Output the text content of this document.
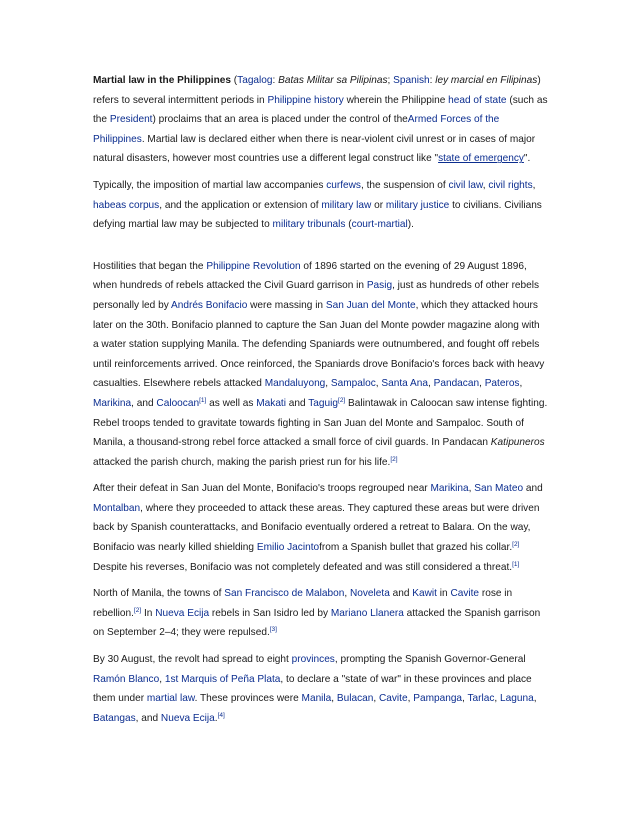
Martial law in the Philippines (Tagalog: Batas Militar sa Pilipinas; Spanish: ley marcial en Filipinas) refers to several intermittent periods in Philippine history wherein the Philippine head of state (such as the President) proclaims that an area is placed under the control of theArmed Forces of the Philippines. Martial law is declared either when there is near-violent civil unrest or in cases of major natural disasters, however most countries use a different legal construct like "state of emergency".

Typically, the imposition of martial law accompanies curfews, the suspension of civil law, civil rights, habeas corpus, and the application or extension of military law or military justice to civilians. Civilians defying martial law may be subjected to military tribunals (court-martial).

Hostilities that began the Philippine Revolution of 1896 started on the evening of 29 August 1896, when hundreds of rebels attacked the Civil Guard garrison in Pasig, just as hundreds of other rebels personally led by Andrés Bonifacio were massing in San Juan del Monte, which they attacked hours later on the 30th. Bonifacio planned to capture the San Juan del Monte powder magazine along with a water station supplying Manila. The defending Spaniards were outnumbered, and fought off rebels until reinforcements arrived. Once reinforced, the Spaniards drove Bonifacio's forces back with heavy casualties. Elsewhere rebels attacked Mandaluyong, Sampaloc, Santa Ana, Pandacan, Pateros, Marikina, and Caloocan[1] as well as Makati and Taguig[2] Balintawak in Caloocan saw intense fighting. Rebel troops tended to gravitate towards fighting in San Juan del Monte and Sampaloc. South of Manila, a thousand-strong rebel force attacked a small force of civil guards. In Pandacan Katipuneros attacked the parish church, making the parish priest run for his life.[2]

After their defeat in San Juan del Monte, Bonifacio's troops regrouped near Marikina, San Mateo and Montalban, where they proceeded to attack these areas. They captured these areas but were driven back by Spanish counterattacks, and Bonifacio eventually ordered a retreat to Balara. On the way, Bonifacio was nearly killed shielding Emilio Jacintofrom a Spanish bullet that grazed his collar.[2] Despite his reverses, Bonifacio was not completely defeated and was still considered a threat.[1]

North of Manila, the towns of San Francisco de Malabon, Noveleta and Kawit in Cavite rose in rebellion.[2] In Nueva Ecija rebels in San Isidro led by Mariano Llanera attacked the Spanish garrison on September 2–4; they were repulsed.[3]

By 30 August, the revolt had spread to eight provinces, prompting the Spanish Governor-General Ramón Blanco, 1st Marquis of Peña Plata, to declare a "state of war" in these provinces and place them under martial law. These provinces were Manila, Bulacan, Cavite, Pampanga, Tarlac, Laguna, Batangas, and Nueva Ecija.[4]
